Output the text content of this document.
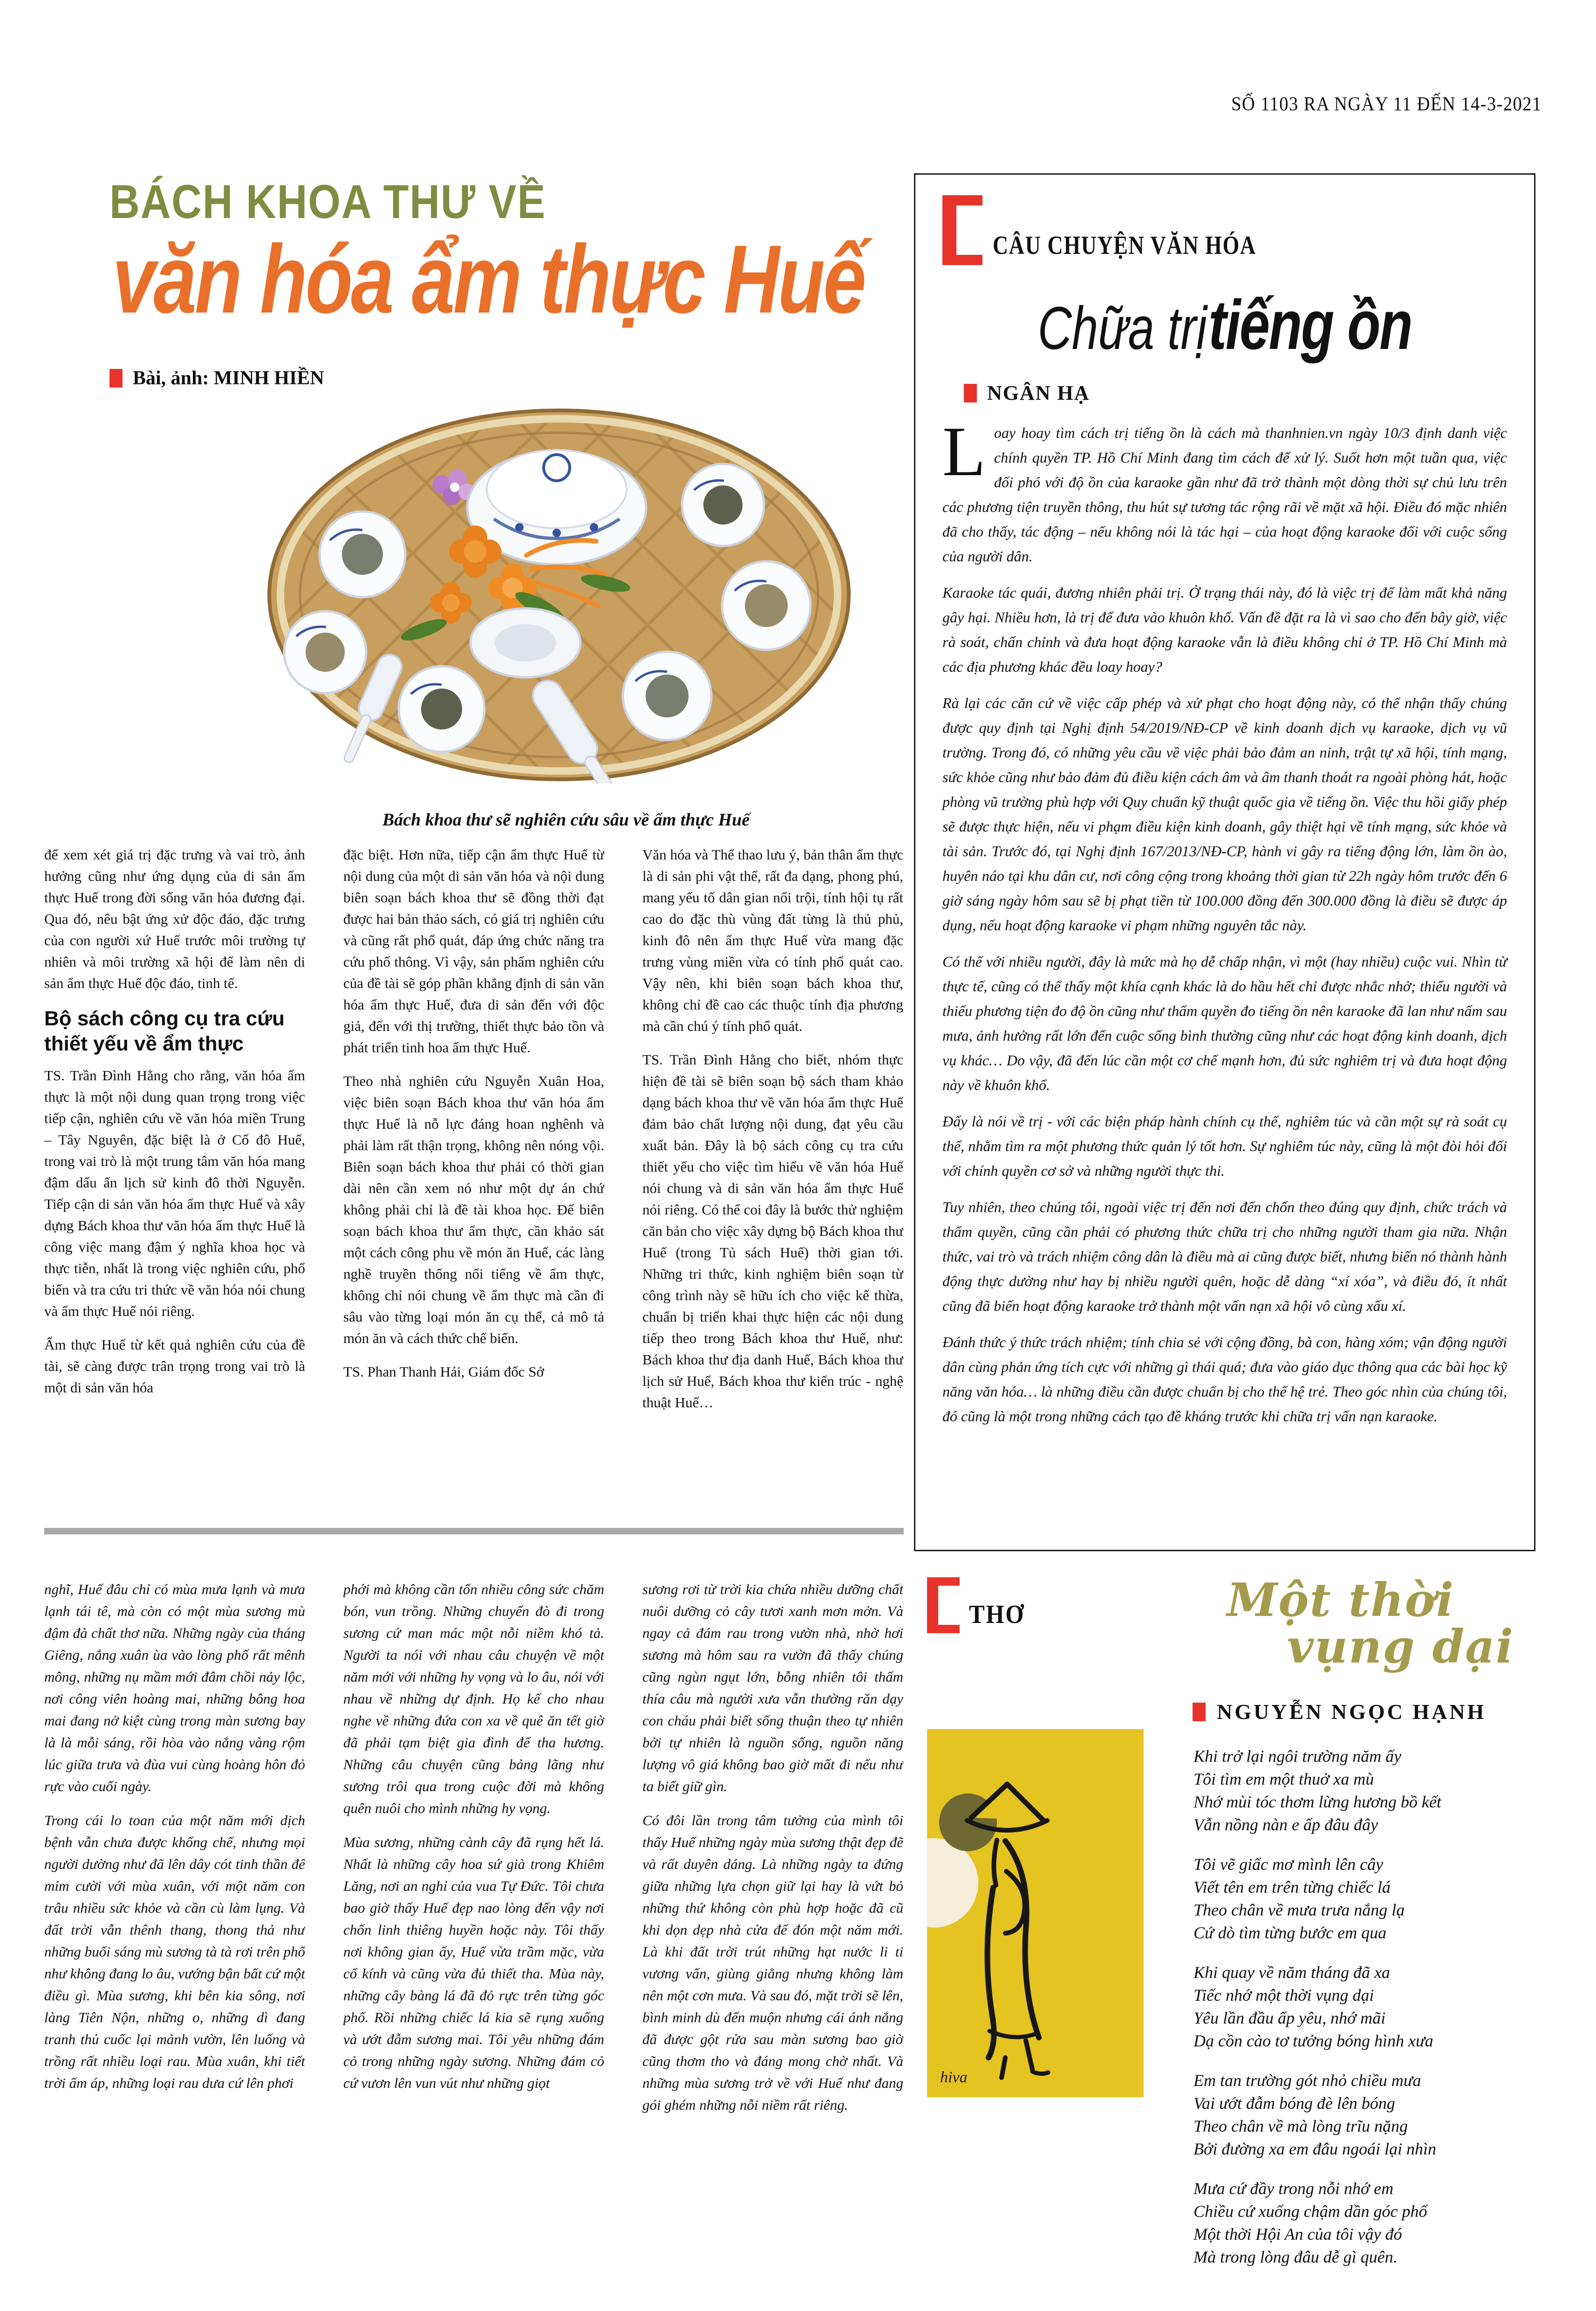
SỐ 1103 RA NGÀY 11 ĐẾN 14-3-2021
BÁCH KHOA THƯ VỀ
văn hóa ẩm thực Huế
Bài, ảnh: MINH HIỀN
Bách khoa thư sẽ nghiên cứu sâu về ẩm thực Huế

để xem xét giá trị đặc trưng và vai trò, ảnh hưởng cũng như ứng dụng của di sản ẩm thực Huế trong đời sống văn hóa đương đại. Qua đó, nêu bật ứng xử độc đáo, đặc trưng của con người xứ Huế trước môi trường tự nhiên và môi trường xã hội để làm nên di sản ẩm thực Huế độc đáo, tinh tế.

Bộ sách công cụ tra cứu thiết yếu về ẩm thực

TS. Trần Đình Hằng cho rằng, văn hóa ẩm thực là một nội dung quan trọng trong việc tiếp cận, nghiên cứu về văn hóa miền Trung – Tây Nguyên, đặc biệt là ở Cố đô Huế, trong vai trò là một trung tâm văn hóa mang đậm dấu ấn lịch sử kinh đô thời Nguyễn. Tiếp cận di sản văn hóa ẩm thực Huế và xây dựng Bách khoa thư văn hóa ẩm thực Huế là công việc mang đậm ý nghĩa khoa học và thực tiễn, nhất là trong việc nghiên cứu, phổ biến và tra cứu tri thức về văn hóa nói chung và ẩm thực Huế nói riêng.

Ẩm thực Huế từ kết quả nghiên cứu của đề tài, sẽ càng được trân trọng trong vai trò là một di sản văn hóa

đặc biệt. Hơn nữa, tiếp cận ẩm thực Huế từ nội dung của một di sản văn hóa và nội dung biên soạn bách khoa thư sẽ đồng thời đạt được hai bản thảo sách, có giá trị nghiên cứu và cũng rất phổ quát, đáp ứng chức năng tra cứu phổ thông. Vì vậy, sản phẩm nghiên cứu của đề tài sẽ góp phần khẳng định di sản văn hóa ẩm thực Huế, đưa di sản đến với độc giả, đến với thị trường, thiết thực bảo tồn và phát triển tinh hoa ẩm thực Huế.

Theo nhà nghiên cứu Nguyễn Xuân Hoa, việc biên soạn Bách khoa thư văn hóa ẩm thực Huế là nỗ lực đáng hoan nghênh và phải làm rất thận trọng, không nên nóng vội. Biên soạn bách khoa thư phải có thời gian dài nên cần xem nó như một dự án chứ không phải chỉ là đề tài khoa học. Để biên soạn bách khoa thư ẩm thực, cần khảo sát một cách công phu về món ăn Huế, các làng nghề truyền thống nổi tiếng về ẩm thực, không chỉ nói chung về ẩm thực mà cần đi sâu vào từng loại món ăn cụ thể, cả mô tả món ăn và cách thức chế biến.

TS. Phan Thanh Hải, Giám đốc Sở

Văn hóa và Thể thao lưu ý, bản thân ẩm thực là di sản phi vật thể, rất đa dạng, phong phú, mang yếu tố dân gian nổi trội, tính hội tụ rất cao do đặc thù vùng đất từng là thủ phủ, kinh đô nên ẩm thực Huế vừa mang đặc trưng vùng miền vừa có tính phổ quát cao. Vậy nên, khi biên soạn bách khoa thư, không chỉ đề cao các thuộc tính địa phương mà cần chú ý tính phổ quát.

TS. Trần Đình Hằng cho biết, nhóm thực hiện đề tài sẽ biên soạn bộ sách tham khảo dạng bách khoa thư về văn hóa ẩm thực Huế đảm bảo chất lượng nội dung, đạt yêu cầu xuất bản. Đây là bộ sách công cụ tra cứu thiết yếu cho việc tìm hiểu về văn hóa Huế nói chung và di sản văn hóa ẩm thực Huế nói riêng. Có thể coi đây là bước thử nghiệm căn bản cho việc xây dựng bộ Bách khoa thư Huế (trong Tủ sách Huế) thời gian tới. Những tri thức, kinh nghiệm biên soạn từ công trình này sẽ hữu ích cho việc kế thừa, chuẩn bị triển khai thực hiện các nội dung tiếp theo trong Bách khoa thư Huế, như: Bách khoa thư địa danh Huế, Bách khoa thư lịch sử Huế, Bách khoa thư kiến trúc - nghệ thuật Huế…

nghĩ, Huế đâu chỉ có mùa mưa lạnh và mưa lạnh tái tê, mà còn có một mùa sương mù đậm đà chất thơ nữa. Những ngày của tháng Giêng, nắng xuân ùa vào lòng phố rất mênh mông, những nụ mầm mới đâm chồi nảy lộc, nơi công viên hoàng mai, những bông hoa mai đang nở kiệt cùng trong màn sương bay là là mỗi sáng, rồi hòa vào nắng vàng rộm lúc giữa trưa và đùa vui cùng hoàng hôn đỏ rực vào cuối ngày.

Trong cái lo toan của một năm mới dịch bệnh vẫn chưa được khống chế, nhưng mọi người dường như đã lên dây cót tinh thần để mỉm cười với mùa xuân, với một năm con trâu nhiều sức khỏe và cần cù làm lụng. Và đất trời vẫn thênh thang, thong thả như những buổi sáng mù sương tà tà rơi trên phố như không đang lo âu, vướng bận bất cứ một điều gì. Mùa sương, khi bên kia sông, nơi làng Tiên Nộn, những o, những dì đang tranh thủ cuốc lại mảnh vườn, lên luống và trồng rất nhiều loại rau. Mùa xuân, khi tiết trời ấm áp, những loại rau dưa cứ lên phơi

phới mà không cần tốn nhiều công sức chăm bón, vun trồng. Những chuyến đò đi trong sương cứ man mác một nỗi niềm khó tả. Người ta nói với nhau câu chuyện về một năm mới với những hy vọng và lo âu, nói với nhau về những dự định. Họ kể cho nhau nghe về những đứa con xa về quê ăn tết giờ đã phải tạm biệt gia đình để tha hương. Những câu chuyện cũng bảng lãng như sương trôi qua trong cuộc đời mà không quên nuôi cho mình những hy vọng.

Mùa sương, những cành cây đã rụng hết lá. Nhất là những cây hoa sứ già trong Khiêm Lăng, nơi an nghỉ của vua Tự Đức. Tôi chưa bao giờ thấy Huế đẹp nao lòng đến vậy nơi chốn linh thiêng huyền hoặc này. Tôi thấy nơi không gian ấy, Huế vừa trầm mặc, vừa cổ kính và cũng vừa đủ thiết tha. Mùa này, những cây bàng lá đã đỏ rực trên từng góc phố. Rồi những chiếc lá kia sẽ rụng xuống và ướt đẫm sương mai. Tôi yêu những đám cỏ trong những ngày sương. Những đám cỏ cứ vươn lên vun vút như những giọt

sương rơi từ trời kia chứa nhiều dưỡng chất nuôi dưỡng cỏ cây tươi xanh mơn mởn. Và ngay cả đám rau trong vườn nhà, nhờ hơi sương mà hôm sau ra vườn đã thấy chúng cũng ngùn ngụt lớn, bỗng nhiên tôi thấm thía câu mà người xưa vẫn thường răn dạy con cháu phải biết sống thuận theo tự nhiên bởi tự nhiên là nguồn sống, nguồn năng lượng vô giá không bao giờ mất đi nếu như ta biết giữ gìn.

Có đôi lần trong tâm tưởng của mình tôi thấy Huế những ngày mùa sương thật đẹp đẽ và rất duyên dáng. Là những ngày ta đứng giữa những lựa chọn giữ lại hay là vứt bỏ những thứ không còn phù hợp hoặc đã cũ khi dọn dẹp nhà cửa để đón một năm mới. Là khi đất trời trút những hạt nước li ti vương vấn, giùng giằng nhưng không làm nên một cơn mưa. Và sau đó, mặt trời sẽ lên, bình minh dù đến muộn nhưng cái ánh nắng đã được gột rửa sau màn sương bao giờ cũng thơm tho và đáng mong chờ nhất. Và những mùa sương trở về với Huế như đang gói ghém những nỗi niềm rất riêng.

CÂU CHUYỆN VĂN HÓA
Chữa trị tiếng ồn
NGÂN HẠ

Loay hoay tìm cách trị tiếng ồn là cách mà thanhnien.vn ngày 10/3 định danh việc chính quyền TP. Hồ Chí Minh đang tìm cách để xử lý. Suốt hơn một tuần qua, việc đối phó với độ ồn của karaoke gần như đã trở thành một dòng thời sự chủ lưu trên các phương tiện truyền thông, thu hút sự tương tác rộng rãi về mặt xã hội. Điều đó mặc nhiên đã cho thấy, tác động – nếu không nói là tác hại – của hoạt động karaoke đối với cuộc sống của người dân.

Karaoke tác quái, đương nhiên phải trị. Ở trạng thái này, đó là việc trị để làm mất khả năng gây hại. Nhiều hơn, là trị để đưa vào khuôn khổ. Vấn đề đặt ra là vì sao cho đến bây giờ, việc rà soát, chấn chỉnh và đưa hoạt động karaoke vẫn là điều không chỉ ở TP. Hồ Chí Minh mà các địa phương khác đều loay hoay?

Rà lại các căn cứ về việc cấp phép và xử phạt cho hoạt động này, có thể nhận thấy chúng được quy định tại Nghị định 54/2019/NĐ-CP về kinh doanh dịch vụ karaoke, dịch vụ vũ trường. Trong đó, có những yêu cầu về việc phải bảo đảm an ninh, trật tự xã hội, tính mạng, sức khỏe cũng như bảo đảm đủ điều kiện cách âm và âm thanh thoát ra ngoài phòng hát, hoặc phòng vũ trường phù hợp với Quy chuẩn kỹ thuật quốc gia về tiếng ồn. Việc thu hồi giấy phép sẽ được thực hiện, nếu vi phạm điều kiện kinh doanh, gây thiệt hại về tính mạng, sức khỏe và tài sản. Trước đó, tại Nghị định 167/2013/NĐ-CP, hành vi gây ra tiếng động lớn, làm ồn ào, huyên náo tại khu dân cư, nơi công cộng trong khoảng thời gian từ 22h ngày hôm trước đến 6 giờ sáng ngày hôm sau sẽ bị phạt tiền từ 100.000 đồng đến 300.000 đồng là điều sẽ được áp dụng, nếu hoạt động karaoke vi phạm những nguyên tắc này.

Có thể với nhiều người, đây là mức mà họ dễ chấp nhận, vì một (hay nhiều) cuộc vui. Nhìn từ thực tế, cũng có thể thấy một khía cạnh khác là do hầu hết chỉ được nhắc nhở; thiếu người và thiếu phương tiện đo độ ồn cũng như thẩm quyền đo tiếng ồn nên karaoke đã lan như nấm sau mưa, ảnh hưởng rất lớn đến cuộc sống bình thường cũng như các hoạt động kinh doanh, dịch vụ khác… Do vậy, đã đến lúc cần một cơ chế mạnh hơn, đủ sức nghiêm trị và đưa hoạt động này về khuôn khổ.

Đấy là nói về trị - với các biện pháp hành chính cụ thể, nghiêm túc và cần một sự rà soát cụ thể, nhằm tìm ra một phương thức quản lý tốt hơn. Sự nghiêm túc này, cũng là một đòi hỏi đối với chính quyền cơ sở và những người thực thi.

Tuy nhiên, theo chúng tôi, ngoài việc trị đến nơi đến chốn theo đúng quy định, chức trách và thẩm quyền, cũng cần phải có phương thức chữa trị cho những người tham gia nữa. Nhận thức, vai trò và trách nhiệm công dân là điều mà ai cũng được biết, nhưng biến nó thành hành động thực dường như hay bị nhiều người quên, hoặc dễ dàng “xí xóa”, và điều đó, ít nhất cũng đã biến hoạt động karaoke trở thành một vấn nạn xã hội vô cùng xấu xí.

Đánh thức ý thức trách nhiệm; tính chia sẻ với cộng đồng, bà con, hàng xóm; vận động người dân cùng phản ứng tích cực với những gì thái quá; đưa vào giáo dục thông qua các bài học kỹ năng văn hóa… là những điều cần được chuẩn bị cho thế hệ trẻ. Theo góc nhìn của chúng tôi, đó cũng là một trong những cách tạo đề kháng trước khi chữa trị vấn nạn karaoke.

THƠ	Một thời
vụng dại
NGUYỄN NGỌC HẠNH
hiva
Khi trở lại ngôi trường năm ấy
Tôi tìm em một thuở xa mù
Nhớ mùi tóc thơm lừng hương bồ kết
Vẫn nồng nàn e ấp đâu đây
Tôi vẽ giấc mơ mình lên cây
Viết tên em trên từng chiếc lá
Theo chân về mưa trưa nắng lạ
Cứ dò tìm từng bước em qua
Khi quay về năm tháng đã xa
Tiếc nhớ một thời vụng dại
Yêu lần đầu ấp yêu, nhớ mãi
Dạ cồn cào tơ tưởng bóng hình xưa
Em tan trường gót nhỏ chiều mưa
Vai ướt đẫm bóng đè lên bóng
Theo chân về mà lòng trĩu nặng
Bởi đường xa em đâu ngoái lại nhìn
Mưa cứ đầy trong nỗi nhớ em
Chiều cứ xuống chậm dần góc phố
Một thời Hội An của tôi vậy đó
Mà trong lòng đâu dễ gì quên.
